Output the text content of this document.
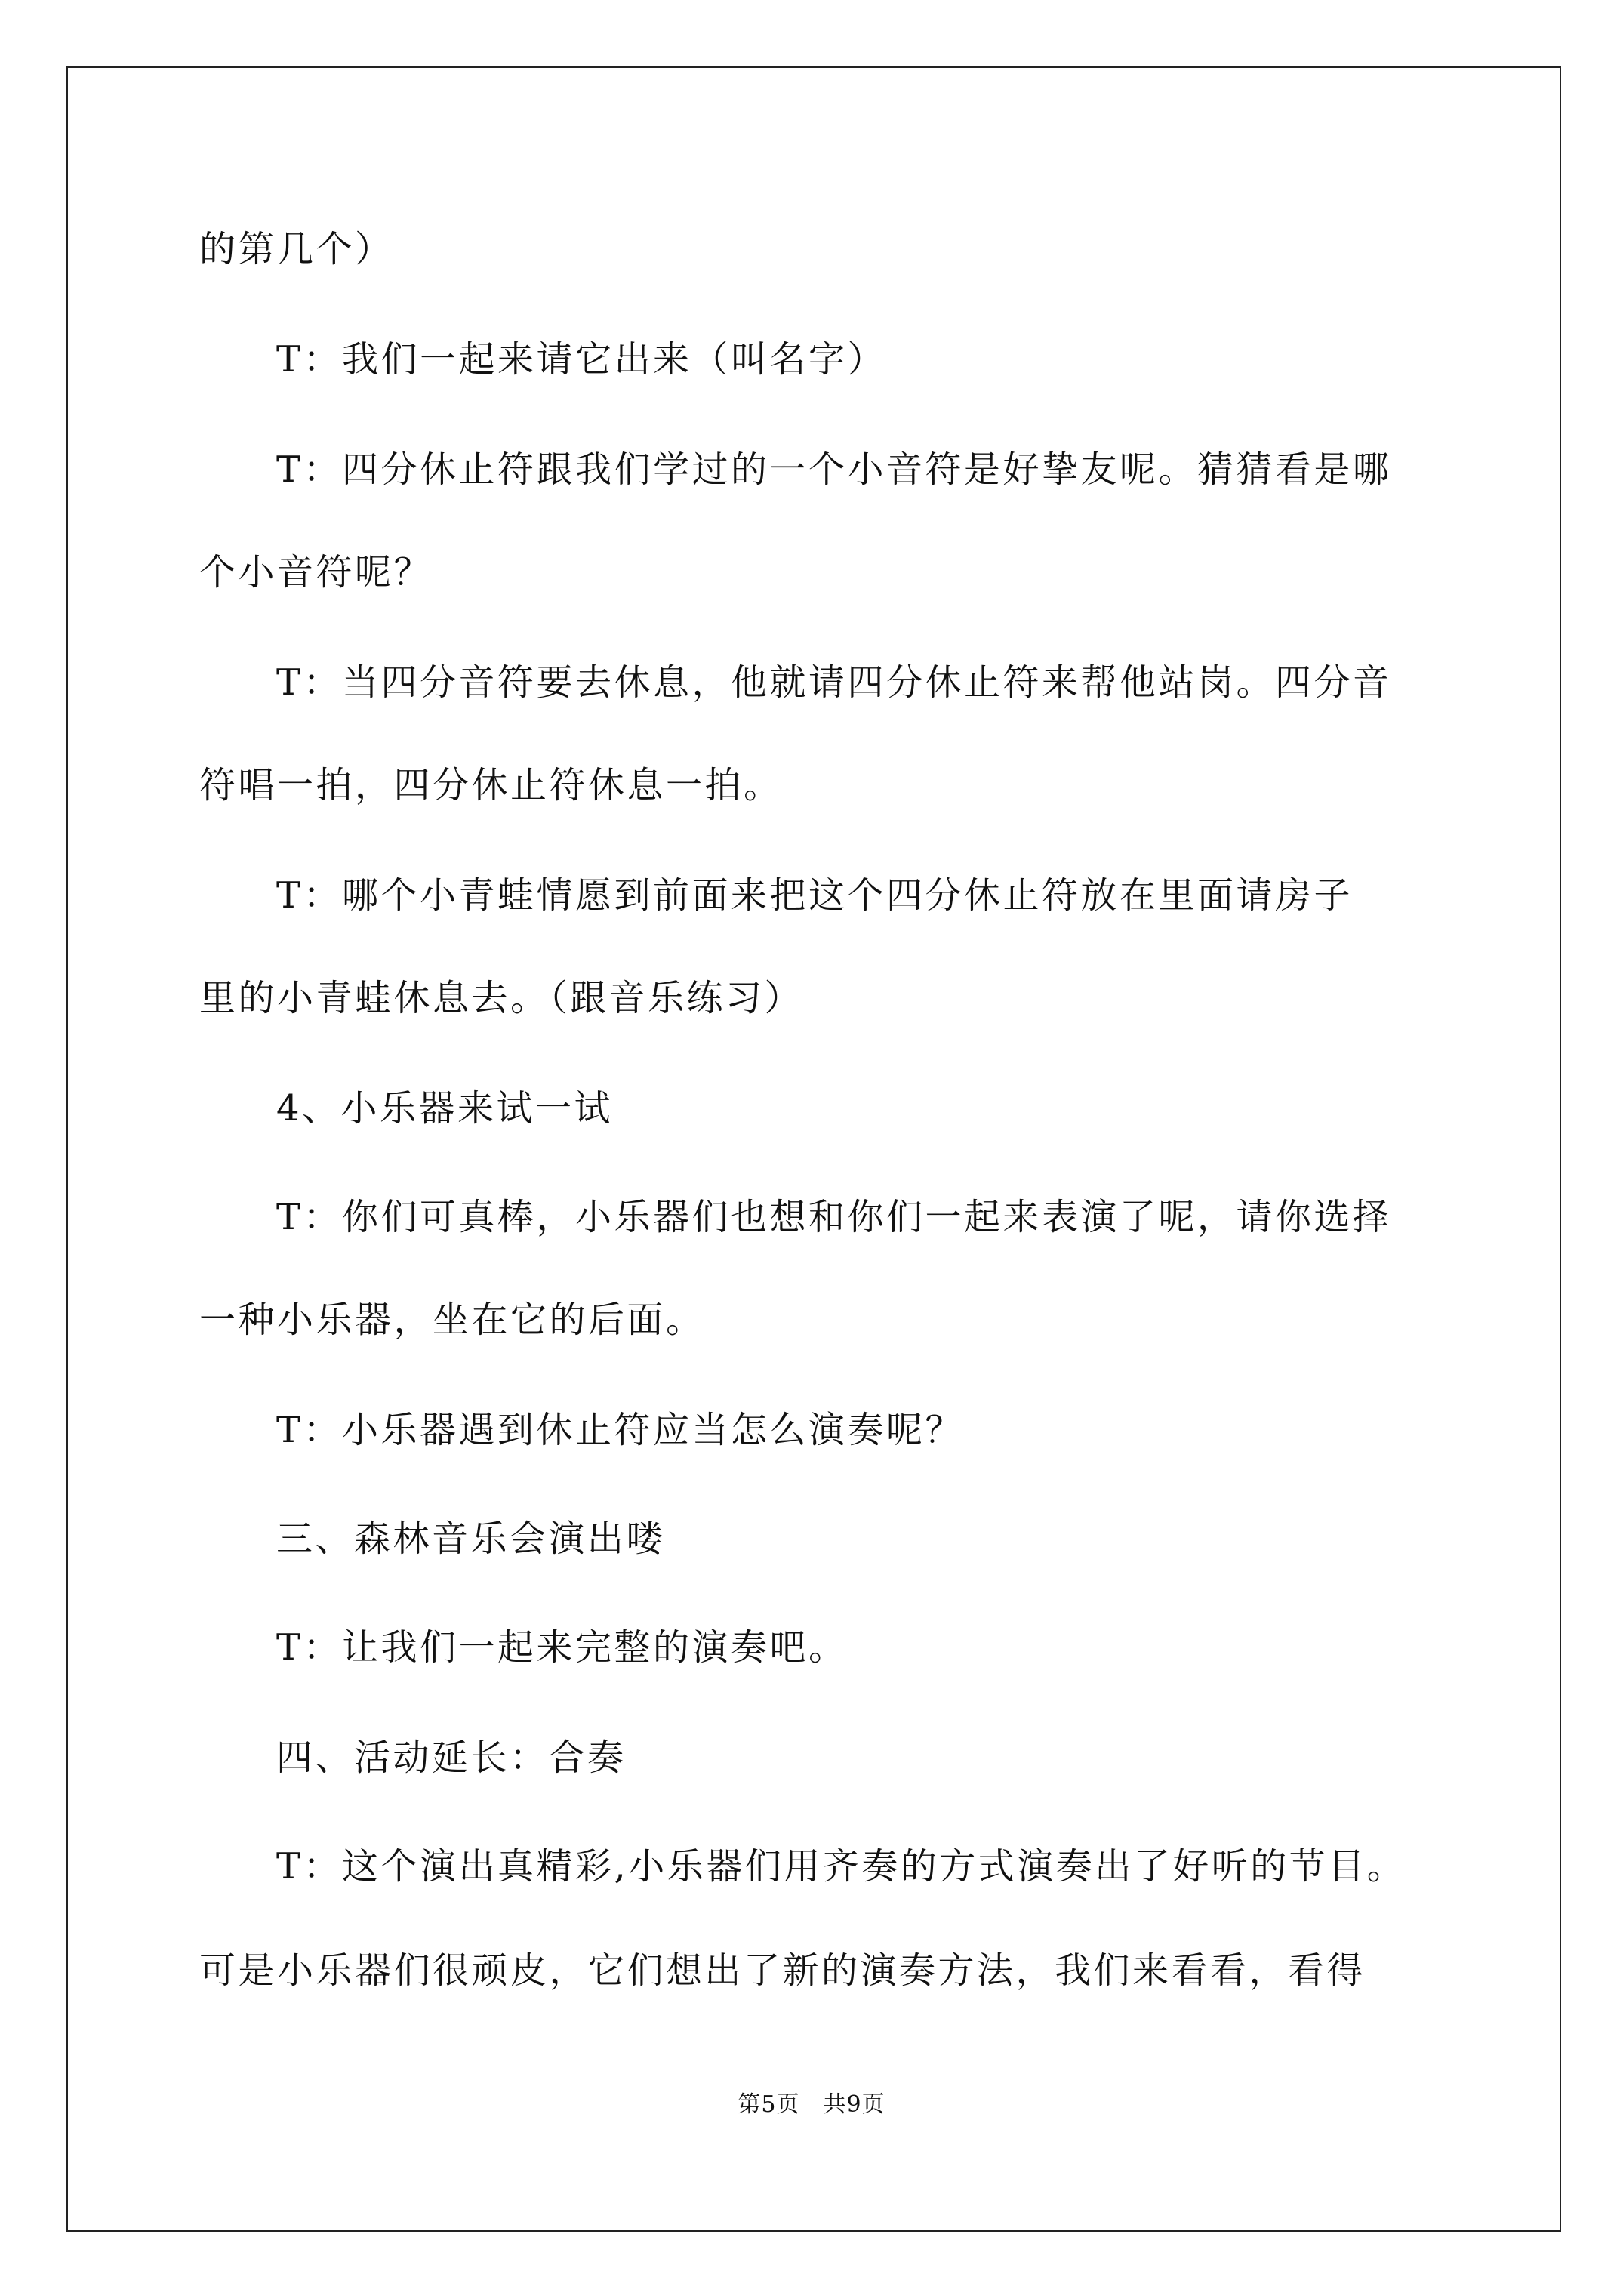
的第几个）
T：我们一起来请它出来（叫名字）
T：四分休止符跟我们学过的一个小音符是好挚友呢。猜猜看是哪
个小音符呢？
T：当四分音符要去休息，他就请四分休止符来帮他站岗。四分音
符唱一拍，四分休止符休息一拍。
T：哪个小青蛙情愿到前面来把这个四分休止符放在里面请房子
里的小青蛙休息去。（跟音乐练习）
4、小乐器来试一试
T：你们可真棒，小乐器们也想和你们一起来表演了呢，请你选择
一种小乐器，坐在它的后面。
T：小乐器遇到休止符应当怎么演奏呢？
三、森林音乐会演出喽
T：让我们一起来完整的演奏吧。
四、活动延长：合奏
T：这个演出真精彩,小乐器们用齐奏的方式演奏出了好听的节目。
可是小乐器们很顽皮，它们想出了新的演奏方法，我们来看看，看得
第5页　共9页
